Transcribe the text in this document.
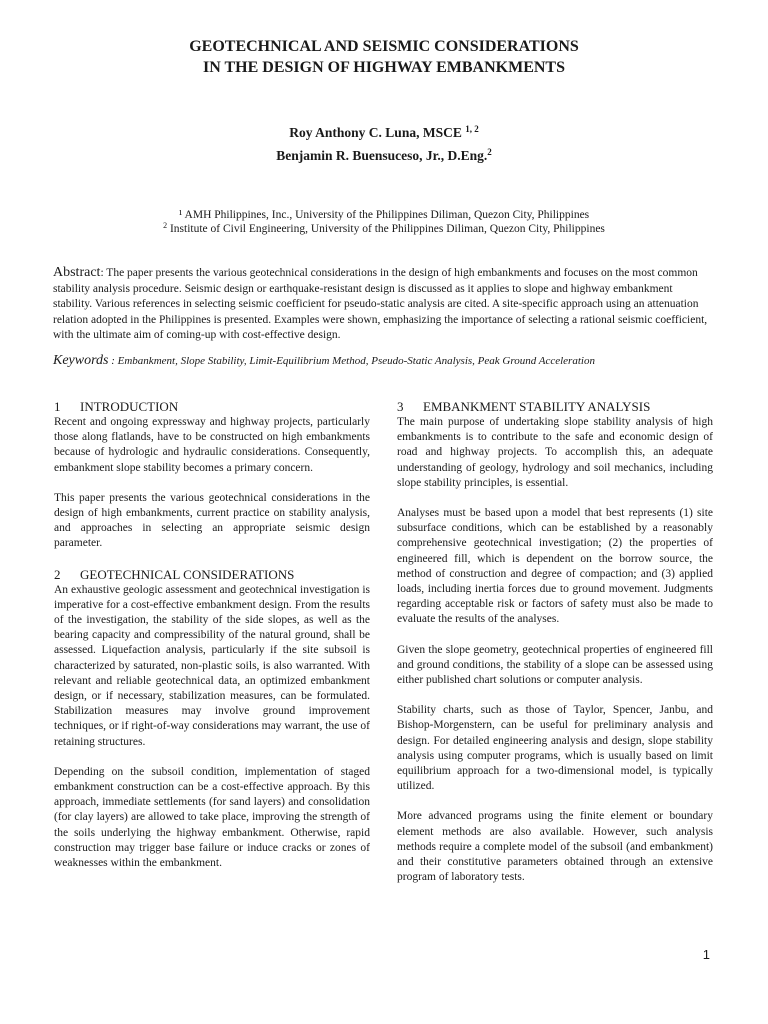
GEOTECHNICAL AND SEISMIC CONSIDERATIONS
IN THE DESIGN OF HIGHWAY EMBANKMENTS
Roy Anthony C. Luna, MSCE $^{1, 2}$
Benjamin R. Buensuceso, Jr., D.Eng.$^2$
¹ AMH Philippines, Inc., University of the Philippines Diliman, Quezon City, Philippines
$^2$ Institute of Civil Engineering, University of the Philippines Diliman, Quezon City, Philippines
Abstract: The paper presents the various geotechnical considerations in the design of high embankments and focuses on the most common stability analysis procedure. Seismic design or earthquake-resistant design is discussed as it applies to slope and highway embankment stability. Various references in selecting seismic coefficient for pseudo-static analysis are cited. A site-specific approach using an attenuation relation adopted in the Philippines is presented. Examples were shown, emphasizing the importance of selecting a rational seismic coefficient, with the ultimate aim of coming-up with cost-effective design.
Keywords : Embankment, Slope Stability, Limit-Equilibrium Method, Pseudo-Static Analysis, Peak Ground Acceleration
1 INTRODUCTION

Recent and ongoing expressway and highway projects, particularly those along flatlands, have to be constructed on high embankments because of hydrologic and hydraulic considerations. Consequently, embankment slope stability becomes a primary concern.

This paper presents the various geotechnical considerations in the design of high embankments, current practice on stability analysis, and approaches in selecting an appropriate seismic design parameter.

2 GEOTECHNICAL CONSIDERATIONS

An exhaustive geologic assessment and geotechnical investigation is imperative for a cost-effective embankment design. From the results of the investigation, the stability of the side slopes, as well as the bearing capacity and compressibility of the natural ground, shall be assessed. Liquefaction analysis, particularly if the site subsoil is characterized by saturated, non-plastic soils, is also warranted. With relevant and reliable geotechnical data, an optimized embankment design, or if necessary, stabilization measures, can be formulated. Stabilization measures may involve ground improvement techniques, or if right-of-way considerations may warrant, the use of retaining structures.

Depending on the subsoil condition, implementation of staged embankment construction can be a cost-effective approach. By this approach, immediate settlements (for sand layers) and consolidation (for clay layers) are allowed to take place, improving the strength of the soils underlying the highway embankment. Otherwise, rapid construction may trigger base failure or induce cracks or zones of weaknesses within the embankment.

3 EMBANKMENT STABILITY ANALYSIS

The main purpose of undertaking slope stability analysis of high embankments is to contribute to the safe and economic design of road and highway projects. To accomplish this, an adequate understanding of geology, hydrology and soil mechanics, including slope stability principles, is essential.

Analyses must be based upon a model that best represents (1) site subsurface conditions, which can be established by a reasonably comprehensive geotechnical investigation; (2) the properties of engineered fill, which is dependent on the borrow source, the method of construction and degree of compaction; and (3) applied loads, including inertia forces due to ground movement. Judgments regarding acceptable risk or factors of safety must also be made to evaluate the results of the analyses.

Given the slope geometry, geotechnical properties of engineered fill and ground conditions, the stability of a slope can be assessed using either published chart solutions or computer analysis.

Stability charts, such as those of Taylor, Spencer, Janbu, and Bishop-Morgenstern, can be useful for preliminary analysis and design. For detailed engineering analysis and design, slope stability analysis using computer programs, which is usually based on limit equilibrium approach for a two-dimensional model, is typically utilized.

More advanced programs using the finite element or boundary element methods are also available. However, such analysis methods require a complete model of the subsoil (and embankment) and their constitutive parameters obtained through an extensive program of laboratory tests.

1
